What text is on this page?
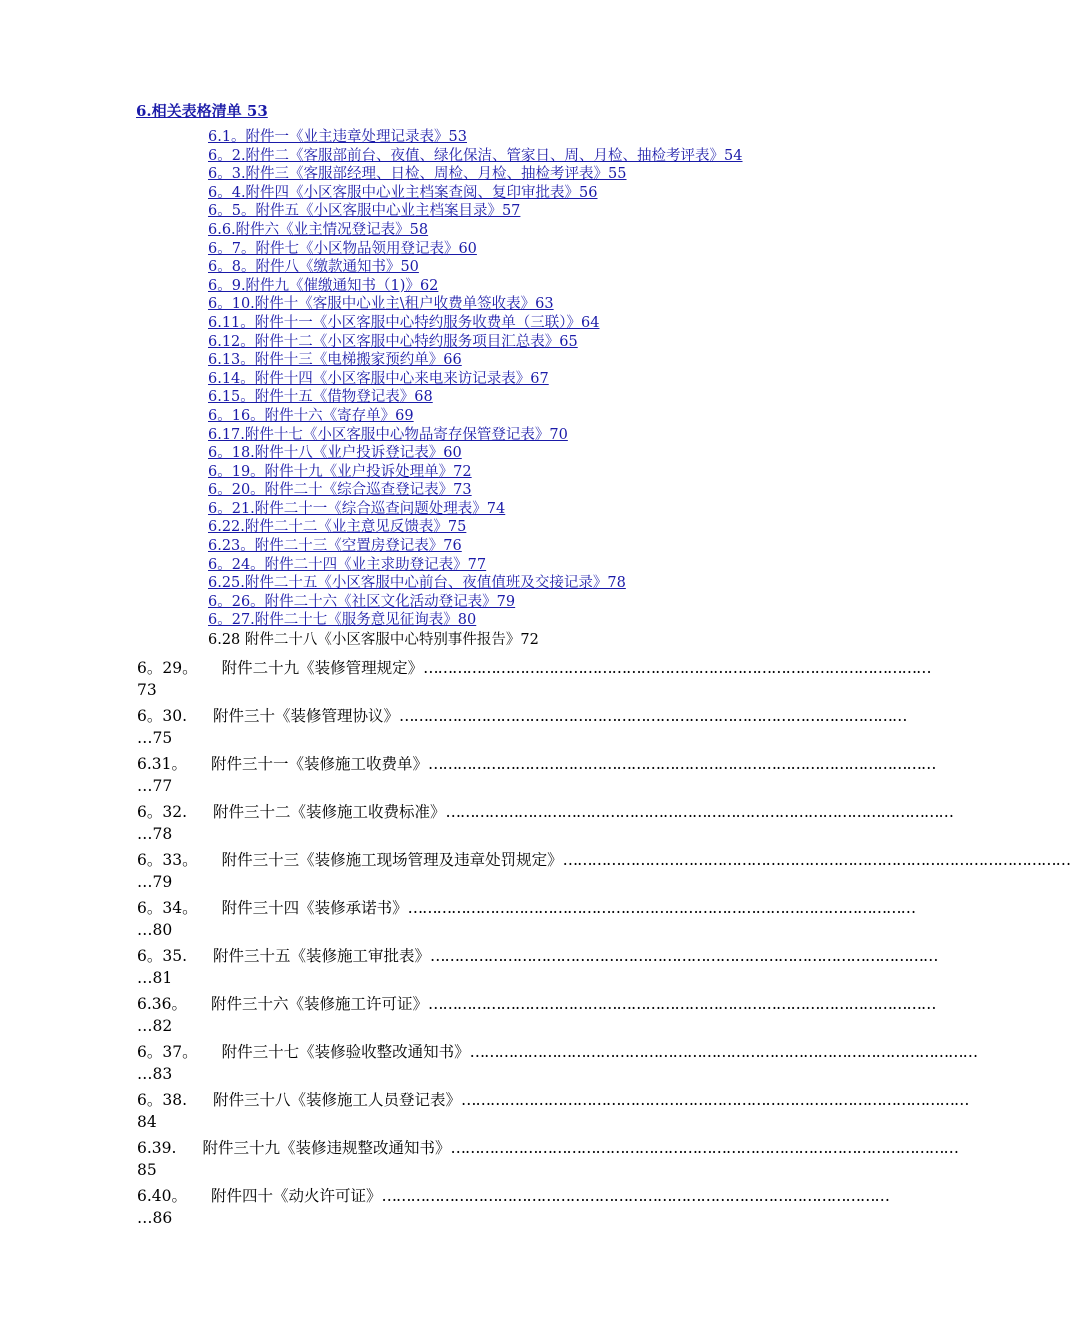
6.相关表格清单 53
6.1。附件一《业主违章处理记录表》53
6。2.附件二《客服部前台、夜值、绿化保洁、管家日、周、月检、抽检考评表》54
6。3.附件三《客服部经理、日检、周检、月检、抽检考评表》55
6。4.附件四《小区客服中心业主档案查阅、复印审批表》56
6。5。附件五《小区客服中心业主档案目录》57
6.6.附件六《业主情况登记表》58
6。7。附件七《小区物品领用登记表》60
6。8。附件八《缴款通知书》50
6。9.附件九《催缴通知书（1)》62
6。10.附件十《客服中心业主\租户收费单签收表》63
6.11。附件十一《小区客服中心特约服务收费单（三联）》64
6.12。附件十二《小区客服中心特约服务项目汇总表》65
6.13。附件十三《电梯搬家预约单》66
6.14。附件十四《小区客服中心来电来访记录表》67
6.15。附件十五《借物登记表》68
6。16。附件十六《寄存单》69
6.17.附件十七《小区客服中心物品寄存保管登记表》70
6。18.附件十八《业户投诉登记表》60
6。19。附件十九《业户投诉处理单》72
6。20。附件二十《综合巡查登记表》73
6。21.附件二十一《综合巡查问题处理表》74
6.22.附件二十二《业主意见反馈表》75
6.23。附件二十三《空置房登记表》76
6。24。附件二十四《业主求助登记表》77
6.25.附件二十五《小区客服中心前台、夜值值班及交接记录》78
6。26。附件二十六《社区文化活动登记表》79
6。27.附件二十七《服务意见征询表》80
6.28 附件二十八《小区客服中心特别事件报告》72
6。29。 附件二十九《装修管理规定》 ……………………………………………………………………………………………
73
6。30. 附件三十《装修管理协议》 ……………………………………………………………………………………………
…75
6.31。 附件三十一《装修施工收费单》 ……………………………………………………………………………………………
…77
6。32. 附件三十二《装修施工收费标准》 ……………………………………………………………………………………………
…78
6。33。 附件三十三《装修施工现场管理及违章处罚规定》 ……………………………………………………………………………………………
…79
6。34。 附件三十四《装修承诺书》 ……………………………………………………………………………………………
…80
6。35. 附件三十五《装修施工审批表》 ……………………………………………………………………………………………
…81
6.36。 附件三十六《装修施工许可证》 ……………………………………………………………………………………………
…82
6。37。 附件三十七《装修验收整改通知书》 ……………………………………………………………………………………………
…83
6。38. 附件三十八《装修施工人员登记表》 ……………………………………………………………………………………………
84
6.39. 附件三十九《装修违规整改通知书》 ……………………………………………………………………………………………
85
6.40。 附件四十《动火许可证》 ……………………………………………………………………………………………
…86
